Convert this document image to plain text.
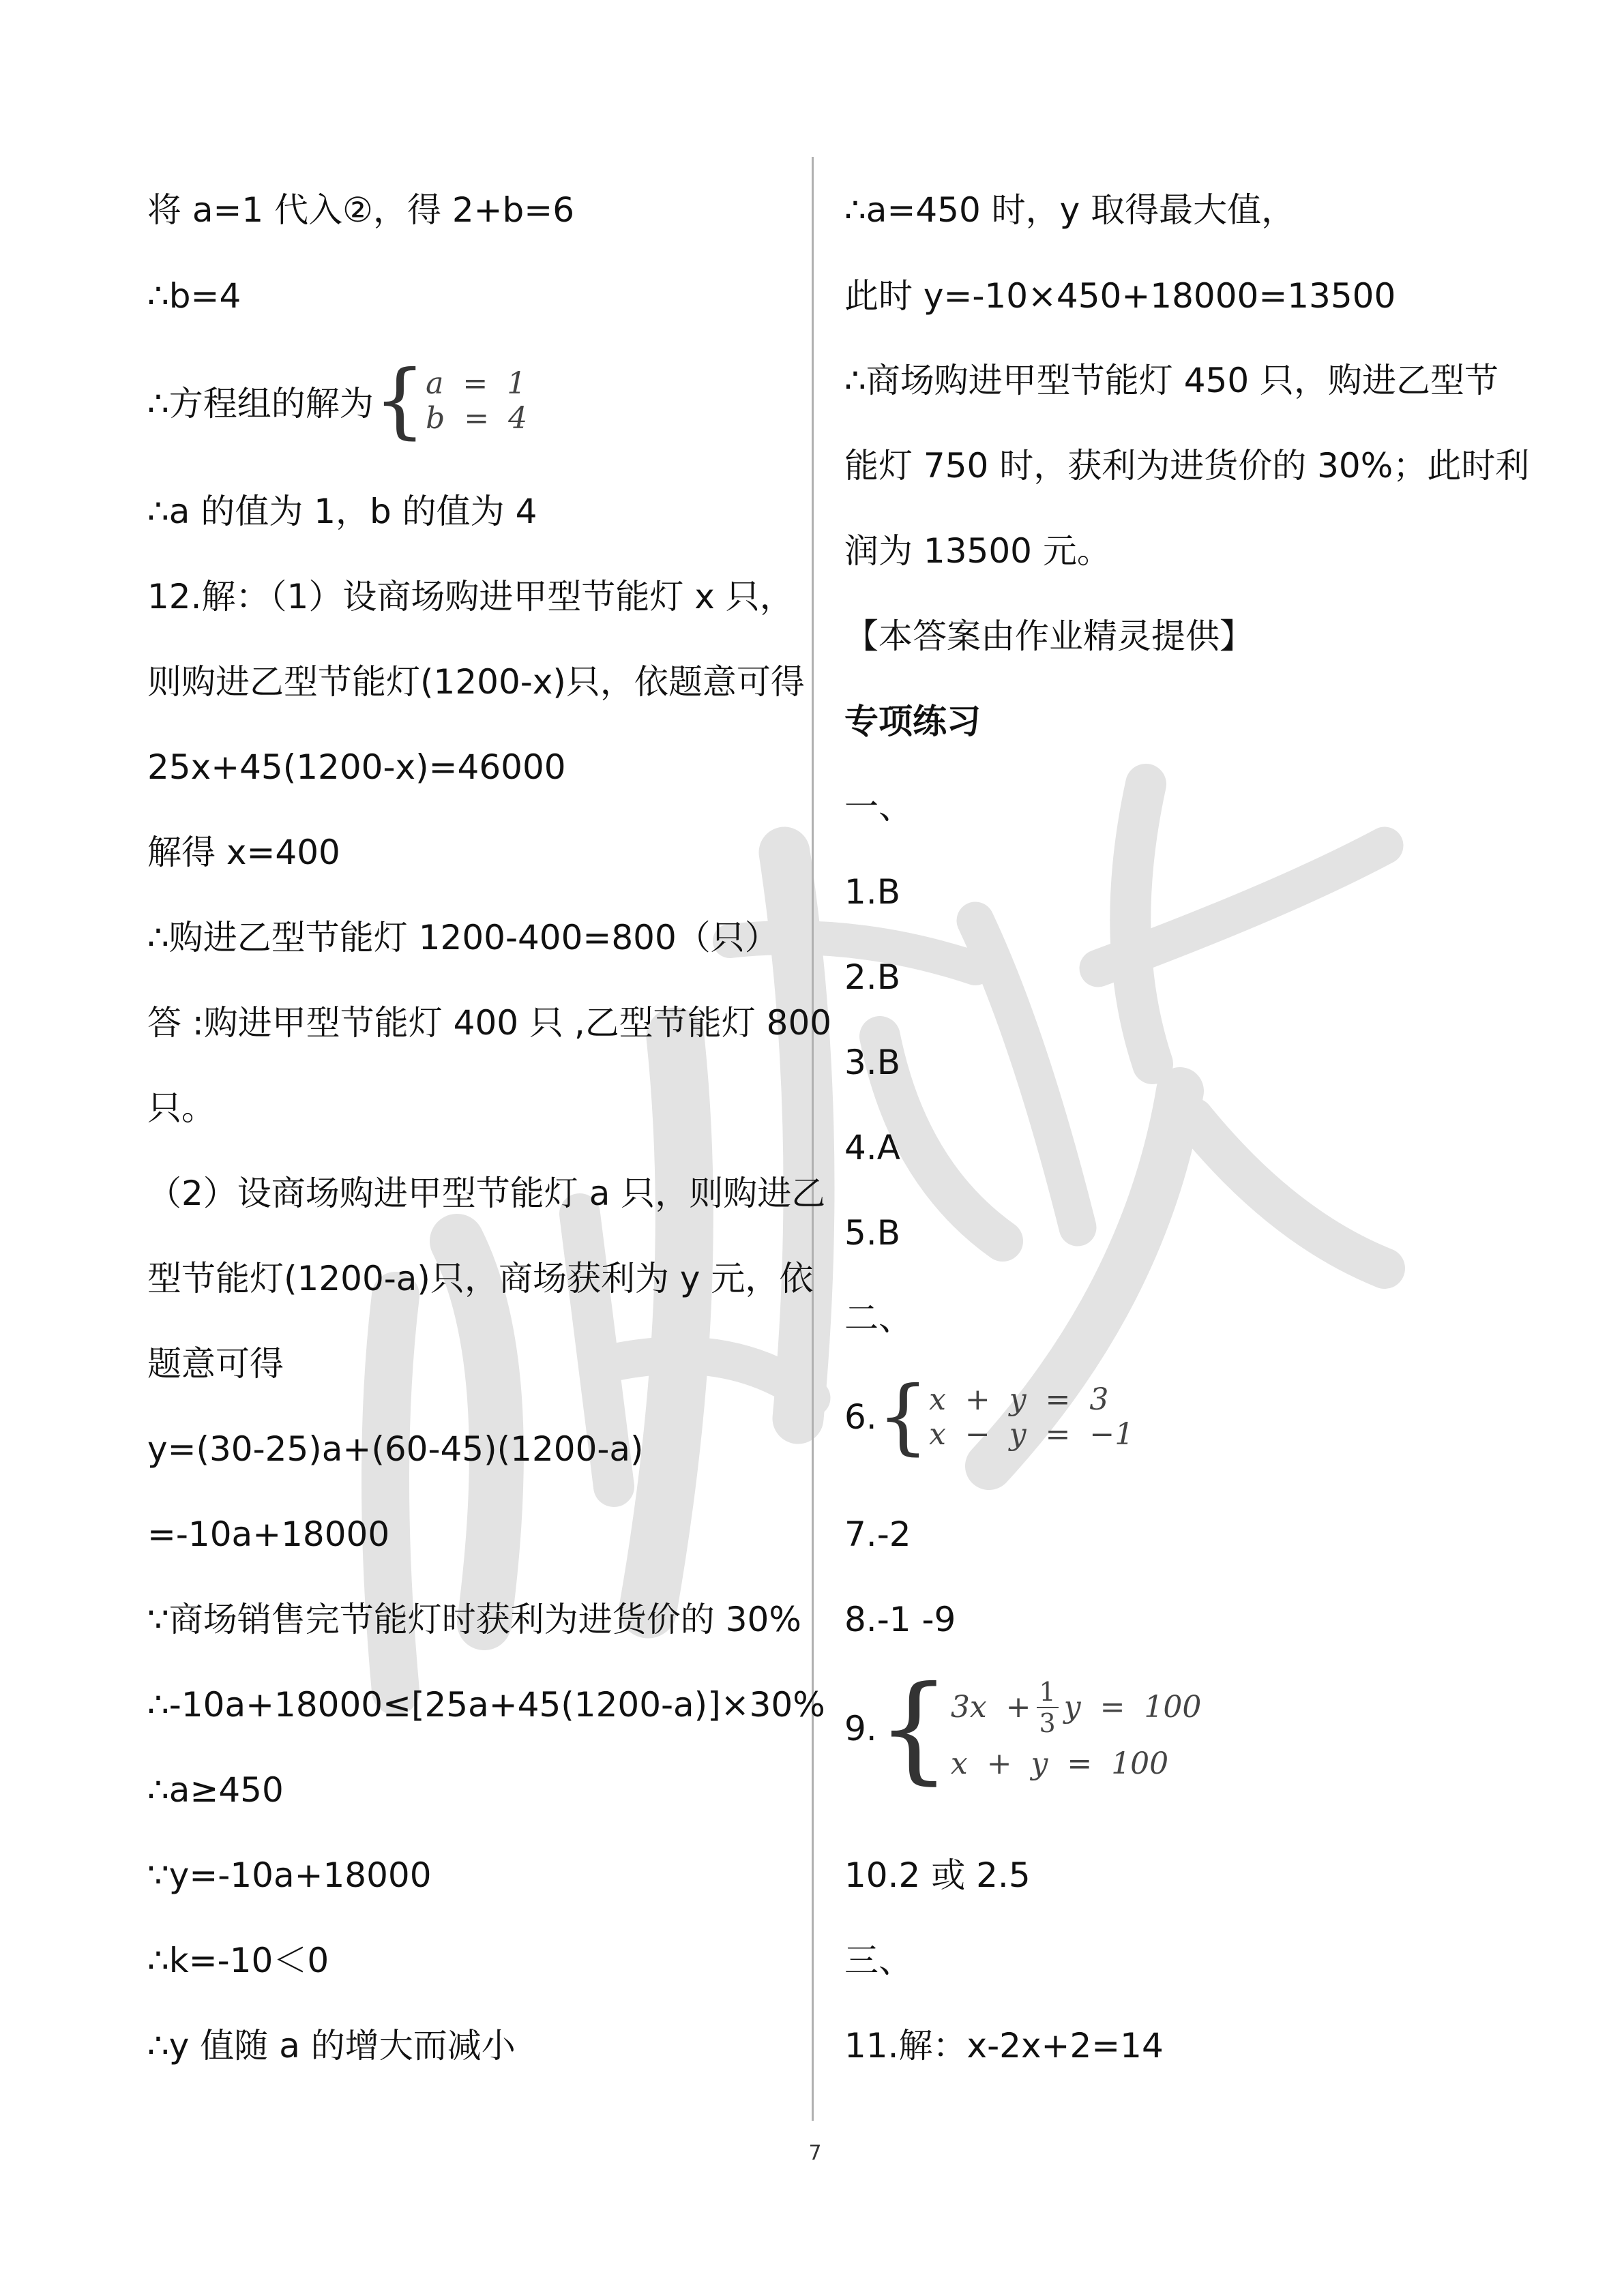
将 a=1 代入②，得 2+b=6
∴b=4
∴方程组的解为 { a  =  1
b  =  4
∴a 的值为 1，b 的值为 4
12.解：（1）设商场购进甲型节能灯 x 只，
则购进乙型节能灯(1200-x)只，依题意可得
25x+45(1200-x)=46000
解得 x=400
∴购进乙型节能灯 1200-400=800（只）
答 :购进甲型节能灯 400 只 ,乙型节能灯 800
只。
（2）设商场购进甲型节能灯 a 只，则购进乙
型节能灯(1200-a)只，商场获利为 y 元，依
题意可得
y=(30-25)a+(60-45)(1200-a)
=-10a+18000
∵商场销售完节能灯时获利为进货价的 30%
∴-10a+18000≤[25a+45(1200-a)]×30%
∴a≥450
∵y=-10a+18000
∴k=-10＜0
∴y 值随 a 的增大而减小
∴a=450 时，y 取得最大值，
此时 y=-10×450+18000=13500
∴商场购进甲型节能灯 450 只，购进乙型节
能灯 750 时，获利为进货价的 30%；此时利
润为 13500 元。
【本答案由作业精灵提供】
专项练习
一、
1.B
2.B
3.B
4.A
5.B
二、
6. { x  +  y  =  3
x  −  y  =  −1
7.-2
8.-1 -9
9. { $3x + \frac{1}{3}$ y  =  100
x  +  y  =  100
10.2 或 2.5
三、
11.解：x-2x+2=14
7
